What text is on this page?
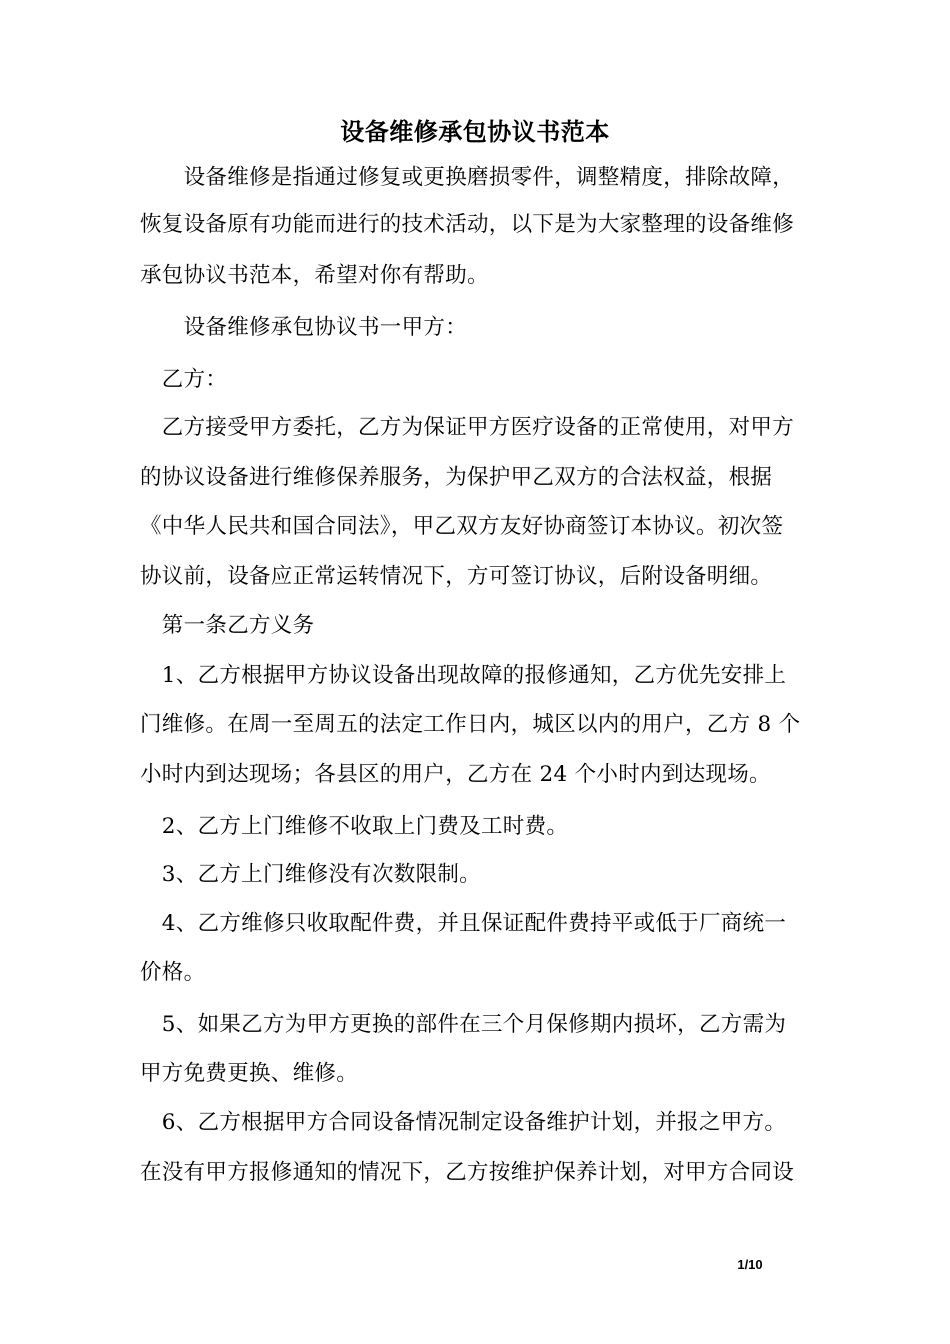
设备维修承包协议书范本
　　设备维修是指通过修复或更换磨损零件，调整精度，排除故障，
恢复设备原有功能而进行的技术活动，以下是为大家整理的设备维修
承包协议书范本，希望对你有帮助。
　　设备维修承包协议书一甲方：
　乙方：
　乙方接受甲方委托，乙方为保证甲方医疗设备的正常使用，对甲方
的协议设备进行维修保养服务，为保护甲乙双方的合法权益，根据
《中华人民共和国合同法》，甲乙双方友好协商签订本协议。初次签
协议前，设备应正常运转情况下，方可签订协议，后附设备明细。
　第一条乙方义务
　1、乙方根据甲方协议设备出现故障的报修通知，乙方优先安排上
门维修。在周一至周五的法定工作日内，城区以内的用户，乙方 8 个
小时内到达现场；各县区的用户，乙方在 24 个小时内到达现场。
　2、乙方上门维修不收取上门费及工时费。
　3、乙方上门维修没有次数限制。
　4、乙方维修只收取配件费，并且保证配件费持平或低于厂商统一
价格。
　5、如果乙方为甲方更换的部件在三个月保修期内损坏，乙方需为
甲方免费更换、维修。
　6、乙方根据甲方合同设备情况制定设备维护计划，并报之甲方。
在没有甲方报修通知的情况下，乙方按维护保养计划，对甲方合同设
1/10
